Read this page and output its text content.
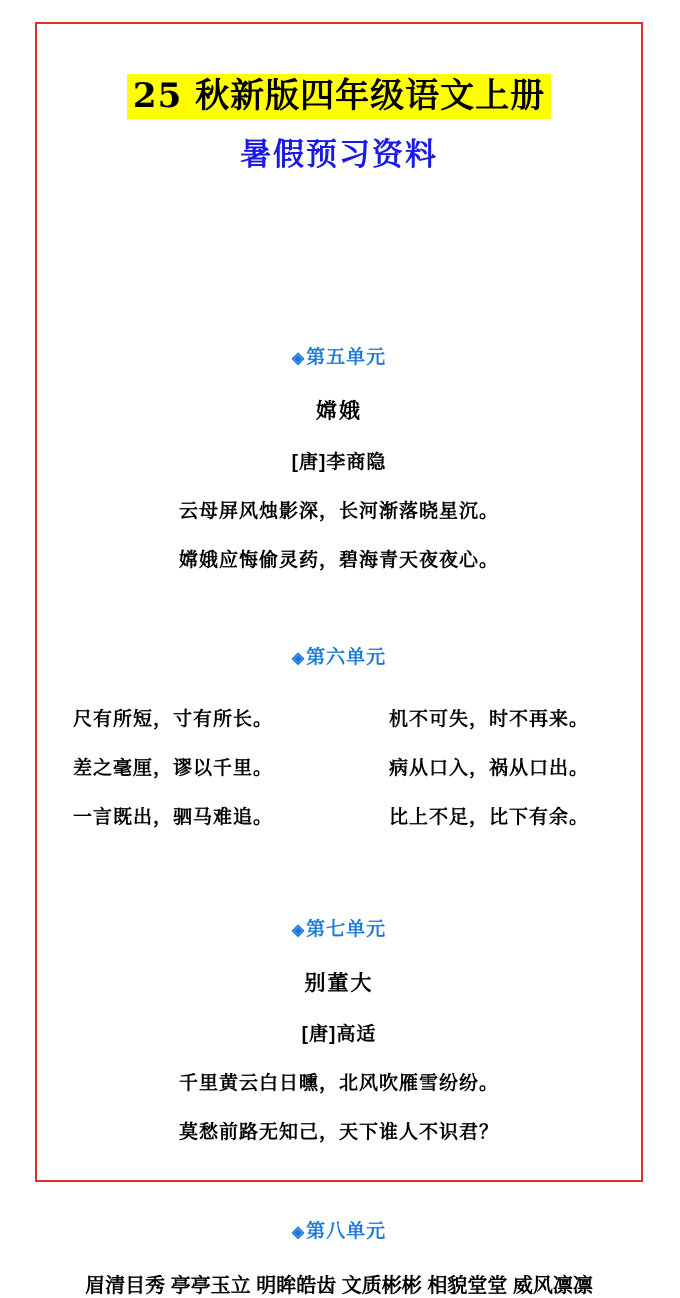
25 秋新版四年级语文上册
暑假预习资料
◈第五单元
嫦娥
[唐]李商隐
云母屏风烛影深，长河渐落晓星沉。
嫦娥应悔偷灵药，碧海青天夜夜心。
◈第六单元
尺有所短，寸有所长。	机不可失，时不再来。
差之毫厘，谬以千里。	病从口入，祸从口出。
一言既出，驷马难追。	比上不足，比下有余。
◈第七单元
别董大
[唐]高适
千里黄云白日曛，北风吹雁雪纷纷。
莫愁前路无知己，天下谁人不识君？
◈第八单元
眉清目秀 亭亭玉立 明眸皓齿 文质彬彬 相貌堂堂 威风凛凛
